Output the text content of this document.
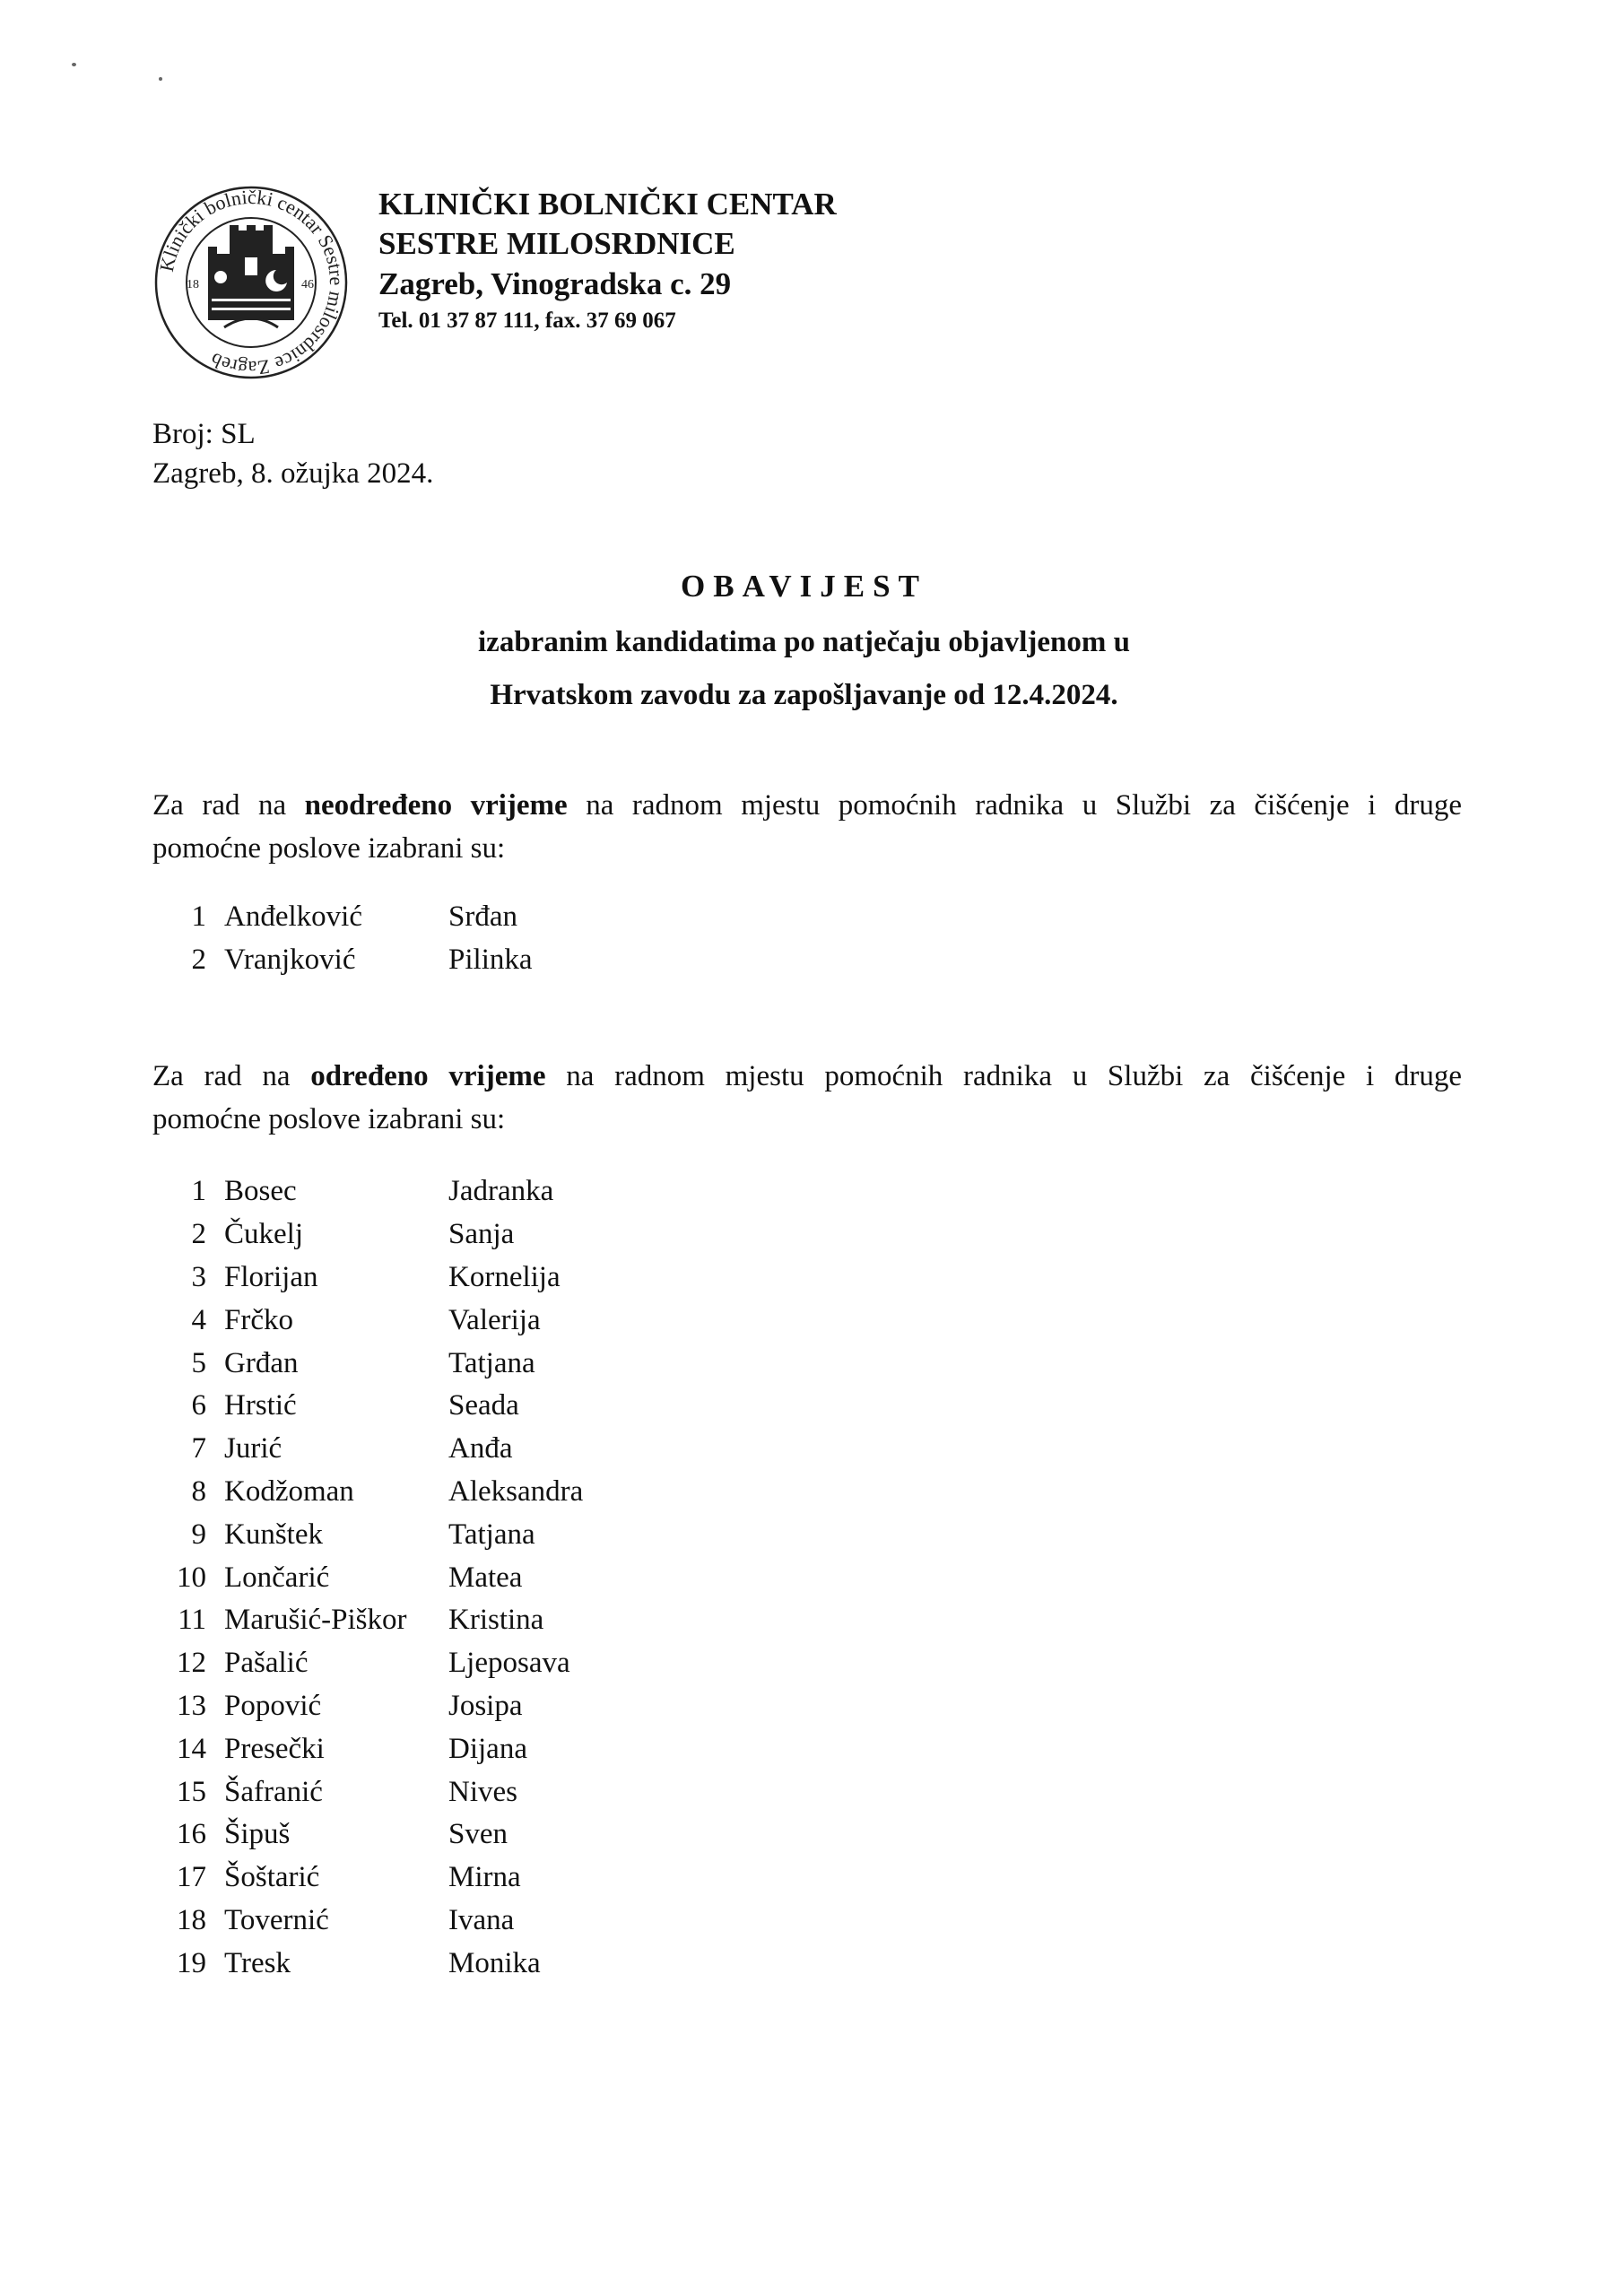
Klinički bolnički centar Sestre milosrdnice Zagreb
18	46
KLINIČKI BOLNIČKI CENTAR
SESTRE MILOSRDNICE
Zagreb, Vinogradska c. 29
Tel. 01 37 87 111, fax. 37 69 067
Broj: SL
Zagreb, 8. ožujka 2024.
OBAVIJEST
izabranim kandidatima po natječaju objavljenom u
Hrvatskom zavodu za zapošljavanje od 12.4.2024.
Za rad na neodređeno vrijeme na radnom mjestu pomoćnih radnika u Službi za čišćenje i druge
pomoćne poslove izabrani su:
1	Anđelković	Srđan
2	Vranjković	Pilinka
Za rad na određeno vrijeme na radnom mjestu pomoćnih radnika u Službi za čišćenje i druge
pomoćne poslove izabrani su:
1	Bosec	Jadranka
2	Čukelj	Sanja
3	Florijan	Kornelija
4	Frčko	Valerija
5	Grđan	Tatjana
6	Hrstić	Seada
7	Jurić	Anđa
8	Kodžoman	Aleksandra
9	Kunštek	Tatjana
10	Lončarić	Matea
11	Marušić-Piškor	Kristina
12	Pašalić	Ljeposava
13	Popović	Josipa
14	Presečki	Dijana
15	Šafranić	Nives
16	Šipuš	Sven
17	Šoštarić	Mirna
18	Tovernić	Ivana
19	Tresk	Monika
